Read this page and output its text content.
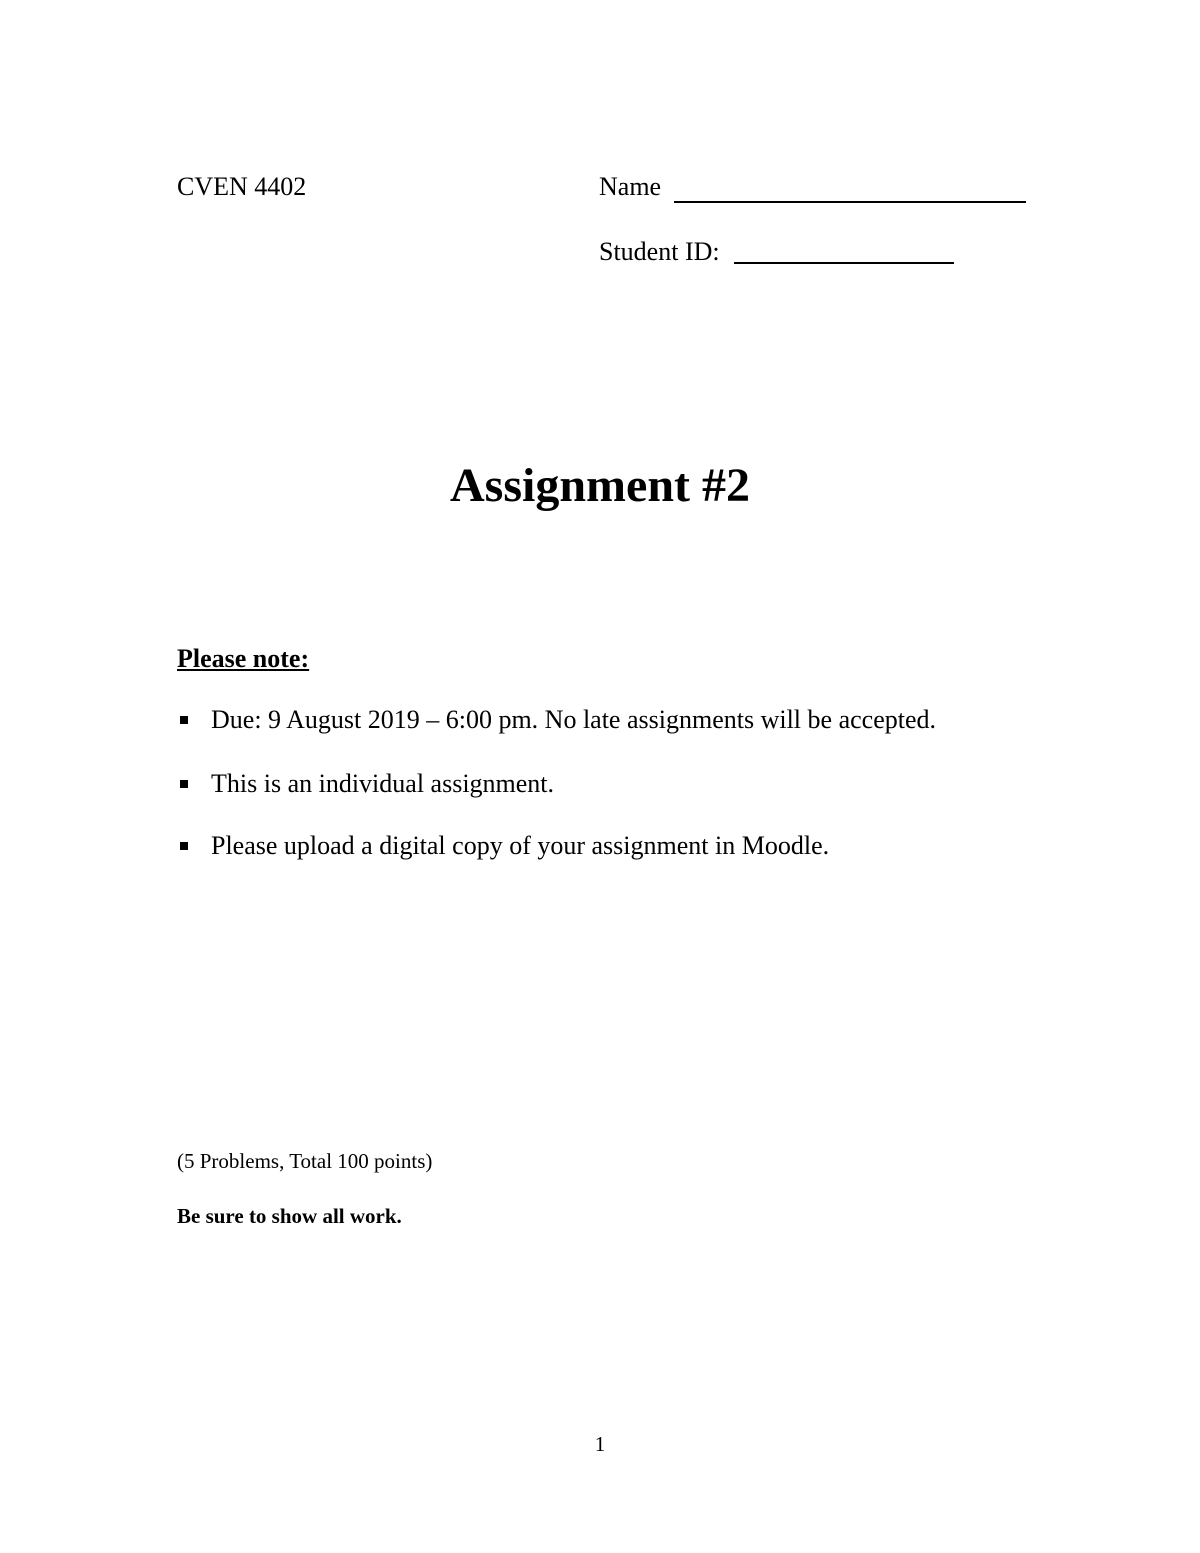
CVEN 4402	Name
Student ID:
Assignment #2
Please note:
Due: 9 August 2019 – 6:00 pm. No late assignments will be accepted.
This is an individual assignment.
Please upload a digital copy of your assignment in Moodle.
(5 Problems, Total 100 points)
Be sure to show all work.
1
